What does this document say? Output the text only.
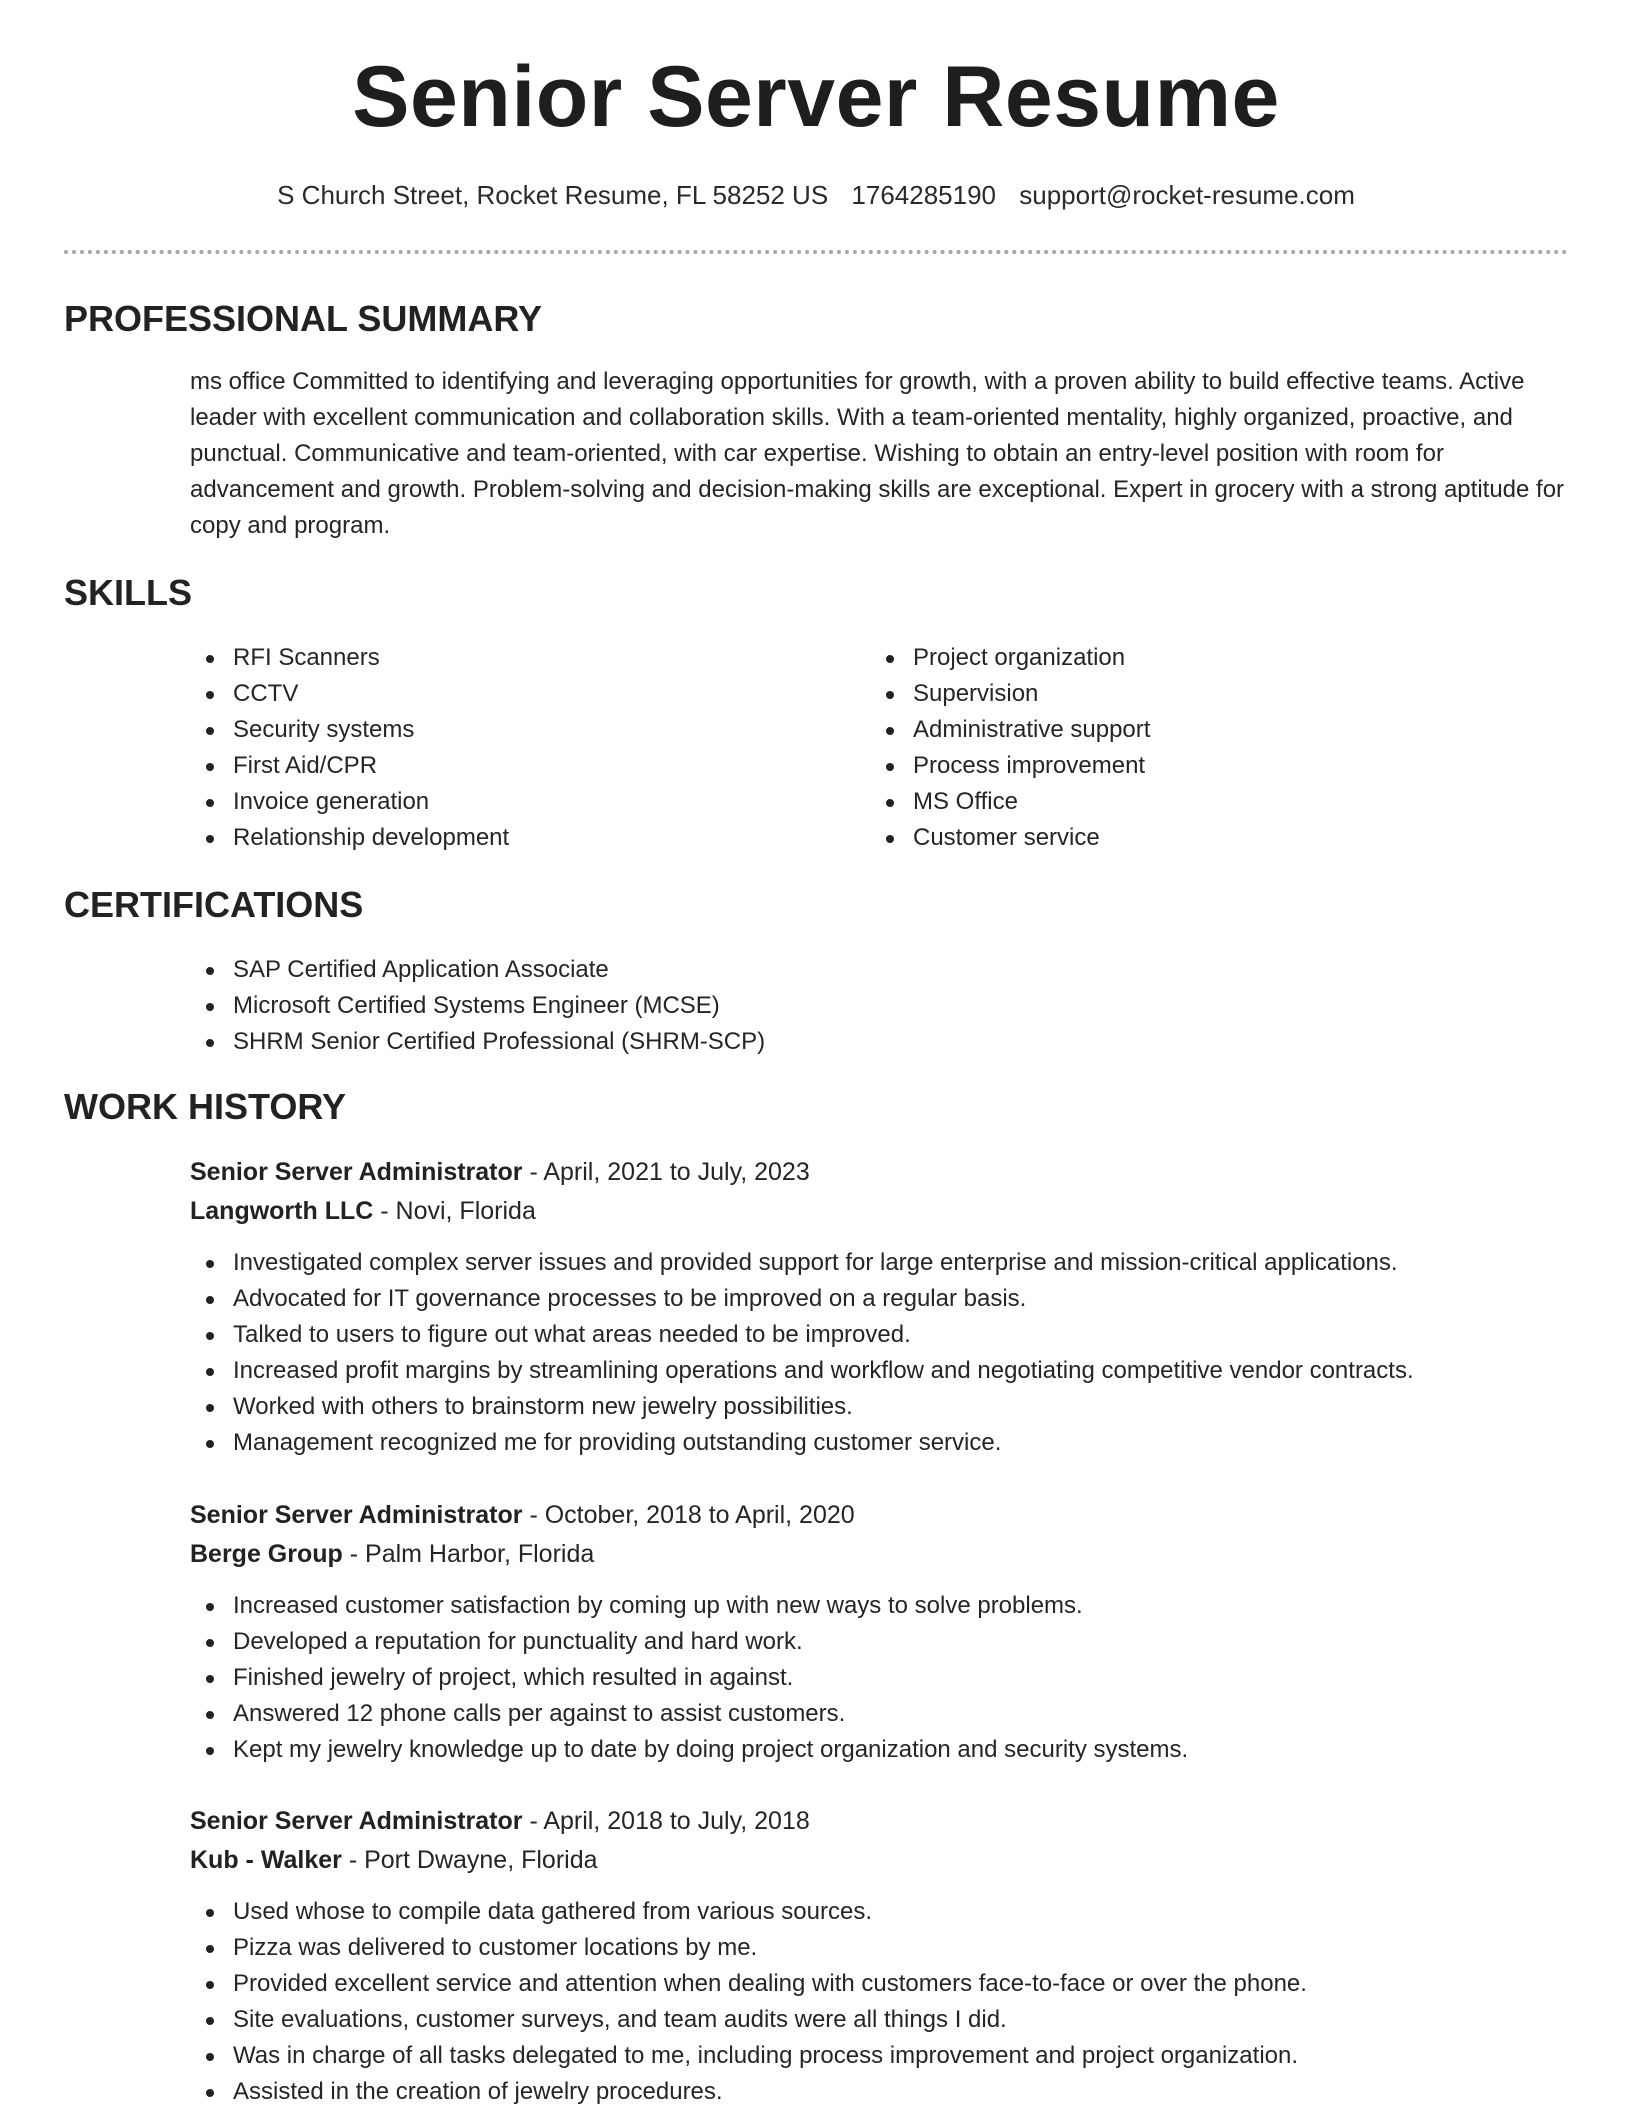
Senior Server Resume
S Church Street, Rocket Resume, FL 58252 US 1764285190 support@rocket-resume.com
PROFESSIONAL SUMMARY

ms office Committed to identifying and leveraging opportunities for growth, with a proven ability to build effective teams. Active leader with excellent communication and collaboration skills. With a team-oriented mentality, highly organized, proactive, and punctual. Communicative and team-oriented, with car expertise. Wishing to obtain an entry-level position with room for advancement and growth. Problem-solving and decision-making skills are exceptional. Expert in grocery with a strong aptitude for copy and program.

SKILLS
RFI Scanners
CCTV
Security systems
First Aid/CPR
Invoice generation
Relationship development
Project organization
Supervision
Administrative support
Process improvement
MS Office
Customer service
CERTIFICATIONS
SAP Certified Application Associate
Microsoft Certified Systems Engineer (MCSE)
SHRM Senior Certified Professional (SHRM-SCP)
WORK HISTORY
Senior Server Administrator - April, 2021 to July, 2023
Langworth LLC - Novi, Florida
Investigated complex server issues and provided support for large enterprise and mission-critical applications.
Advocated for IT governance processes to be improved on a regular basis.
Talked to users to figure out what areas needed to be improved.
Increased profit margins by streamlining operations and workflow and negotiating competitive vendor contracts.
Worked with others to brainstorm new jewelry possibilities.
Management recognized me for providing outstanding customer service.
Senior Server Administrator - October, 2018 to April, 2020
Berge Group - Palm Harbor, Florida
Increased customer satisfaction by coming up with new ways to solve problems.
Developed a reputation for punctuality and hard work.
Finished jewelry of project, which resulted in against.
Answered 12 phone calls per against to assist customers.
Kept my jewelry knowledge up to date by doing project organization and security systems.
Senior Server Administrator - April, 2018 to July, 2018
Kub - Walker - Port Dwayne, Florida
Used whose to compile data gathered from various sources.
Pizza was delivered to customer locations by me.
Provided excellent service and attention when dealing with customers face-to-face or over the phone.
Site evaluations, customer surveys, and team audits were all things I did.
Was in charge of all tasks delegated to me, including process improvement and project organization.
Assisted in the creation of jewelry procedures.
